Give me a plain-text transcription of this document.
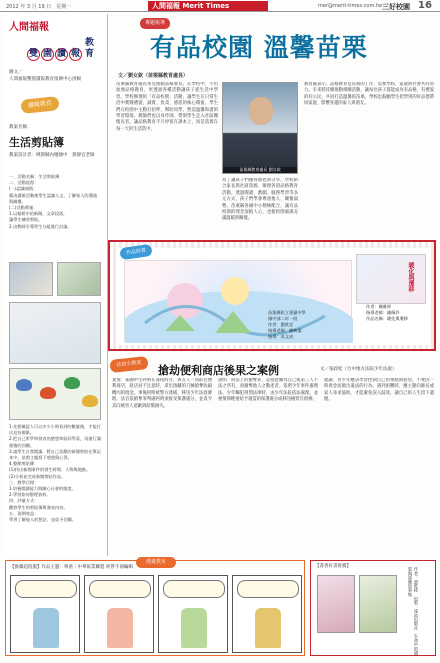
2012 年 3 月 19 日　星期一	人間福報 Merit Times	mer@merit-times.com.tw 三好校園 16
人間福報
雙 園 讀 報教育
圖文／
人間福報雙園讀報教育推廣中心供稿
讀報教育
教案名稱：
生活剪貼簿
教案設計者：桃園縣內壢國中　黃靜宜老師
一、活動名稱：生活剪貼簿
二、活動流程：
(一)認識報紙：
藉由讀報活動使學生認識人文、了解家人的溝通與關懷。
(二)活動實施：
1.以報紙中的新聞、文章段落，
讓學生練習剪貼。
2.由教師引導學生分組進行討論。
1.先要確認人可以多少小時看到的數量後，才能打出這份報紙。
2.把自己所學和發表的感想拿給同學看，再進行讀報後的回饋。
3.請學生自我閱讀，將自己喜歡的新聞剪貼在筆記本中，依照主題寫下感想與心得。
4.整理剪貼簿：
(1)找出新聞事件的發生時間、人物與地點。
(2)分析並完成新聞剪貼作品。
三、教學目標：
1.培養閱讀能力與關心社會的態度。
2.學習如何整理資料。
四、評量方式：
觀察學生的剪貼簿與發表內容。
五、預期效益：
學習了解他人的想法、並給予回饋。
專題報導
有品校園 溫馨苗栗
文／劉女欽（苗栗縣教育處長）
苗栗縣教育處長率先推動品格教育。在學校中，不但加強品格教育，更透過各種活動讓孩子從生活中學習。學校辦理的「有品校園」活動，讓學生在日常生活中實踐禮貌、誠實、負責、感恩的核心價值。學生們在校園中主動打招呼、幫助同學，營造溫馨和諧的學習環境。教師們也以身作則，帶領學生走入社區關懷長者，讓品格教育不只停留在課本上，而是落實在每一天的生活當中。
苗栗縣教育處長 劉女欽
為了讓孩子們懂得感恩與分享，學校結合家長與社區資源，辦理各項品格教育活動。透過閱讀、戲劇、服務學習等多元方式，孩子們學會尊重他人、關懷弱勢。苗栗縣各國中小積極配合，讓有品校園的理念深植人心，也使校園處處充滿溫暖與關懷。
教育處表示，品格教育是長期的工作，需要學校、家庭與社會共同努力。未來將持續推動相關活動，讓每位孩子都能成為有品格、有禮貌的好公民，共同打造溫馨的苗栗。學校也鼓勵學生把學到的好品德帶回家庭，影響身邊的家人與朋友。
作品欣賞
苗栗縣私立建臺中學
國中部二年一班
作者：劉欣宜
指導老師：陳映潔
指導：吳文成
暖化與遷移
作者：陳雅婷
指導老師：鍾佩玲
作品名稱：暖化與遷移
法治小教室	搶劫便利商店後果之案例	文／張政松（台中地方法院少年法庭）
案情：某國中生阿明在深夜時分，與友人一同前往便利商店，趁店員不注意時，拿出預藏的刀械搶奪收銀機內的現金。事後阿明被警方逮捕，移送少年法庭審理。法官依搶奪罪判處阿明須接受保護處分，並責令其向被害人道歉與賠償損失。
說明：刑法上的搶奪罪，是指意圖為自己或第三人不法之所有，而搶奪他人之動產者。依照少年事件處理法，少年觸犯刑罰法律時，由少年法院依法處理，並視情節輕重給予適當的保護處分或移送檢察官偵辦。
建議：青少年應該學習控制自己的情緒與慾望，不要因一時貪念而做出違法的行為。遇到困難時，應主動向師長或家人尋求協助，才能避免誤入歧途，讓自己的人生留下遺憾。
漫畫教室
【換藥超值服】作品主題：尊重｜中華報業聯盟 經營手冊編輯	【書香好書推薦】
作者：游乾桂　出版：遠流出版社　生命中的感恩與溫暖故事集
